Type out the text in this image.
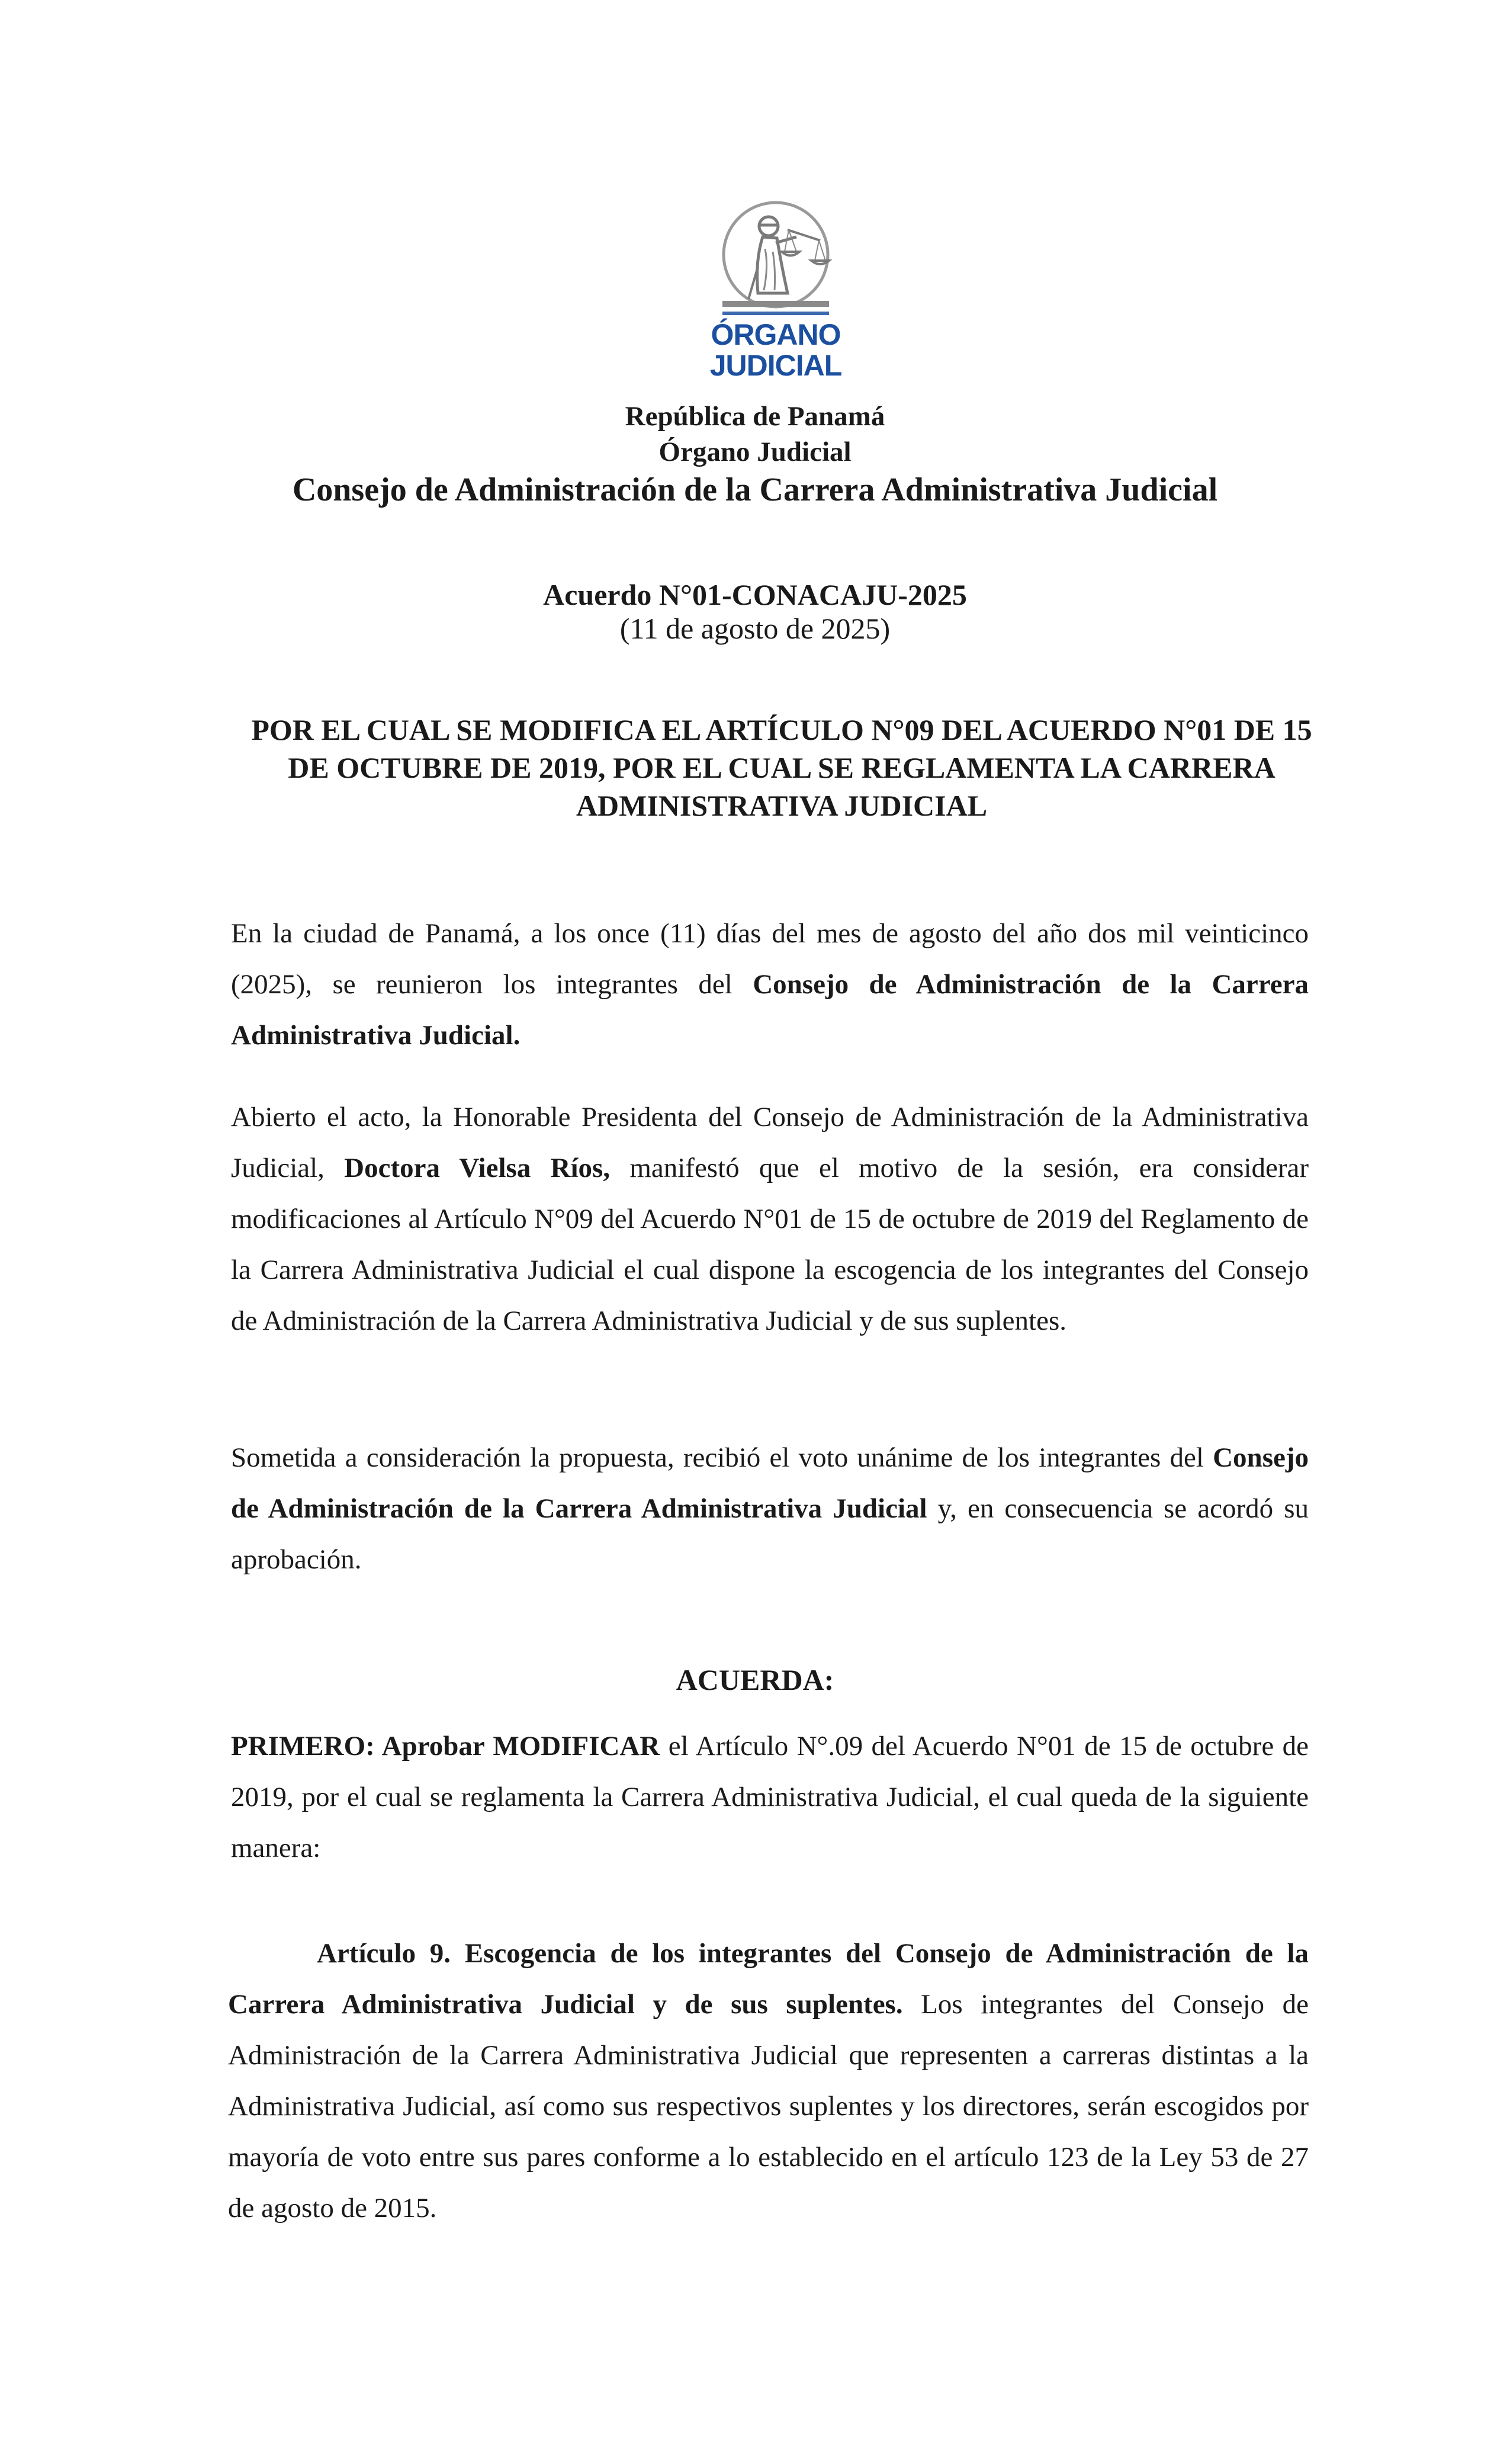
ÓRGANO
JUDICIAL
República de Panamá
Órgano Judicial
Consejo de Administración de la Carrera Administrativa Judicial
Acuerdo N°01-CONACAJU-2025
(11 de agosto de 2025)
POR EL CUAL SE MODIFICA EL ARTÍCULO N°09 DEL ACUERDO N°01 DE 15
DE OCTUBRE DE 2019, POR EL CUAL SE REGLAMENTA LA CARRERA
ADMINISTRATIVA JUDICIAL
En la ciudad de Panamá, a los once (11) días del mes de agosto del año dos mil veinticinco (2025), se reunieron los integrantes del Consejo de Administración de la Carrera Administrativa Judicial.
Abierto el acto, la Honorable Presidenta del Consejo de Administración de la Administrativa Judicial, Doctora Vielsa Ríos, manifestó que el motivo de la sesión, era considerar modificaciones al Artículo N°09 del Acuerdo N°01 de 15 de octubre de 2019 del Reglamento de la Carrera Administrativa Judicial el cual dispone la escogencia de los integrantes del Consejo de Administración de la Carrera Administrativa Judicial y de sus suplentes.
Sometida a consideración la propuesta, recibió el voto unánime de los integrantes del Consejo de Administración de la Carrera Administrativa Judicial y, en consecuencia se acordó su aprobación.
ACUERDA:
PRIMERO: Aprobar MODIFICAR el Artículo N°.09 del Acuerdo N°01 de 15 de octubre de 2019, por el cual se reglamenta la Carrera Administrativa Judicial, el cual queda de la siguiente manera:
Artículo 9. Escogencia de los integrantes del Consejo de Administración de la Carrera Administrativa Judicial y de sus suplentes. Los integrantes del Consejo de Administración de la Carrera Administrativa Judicial que representen a carreras distintas a la Administrativa Judicial, así como sus respectivos suplentes y los directores, serán escogidos por mayoría de voto entre sus pares conforme a lo establecido en el artículo 123 de la Ley 53 de 27 de agosto de 2015.
